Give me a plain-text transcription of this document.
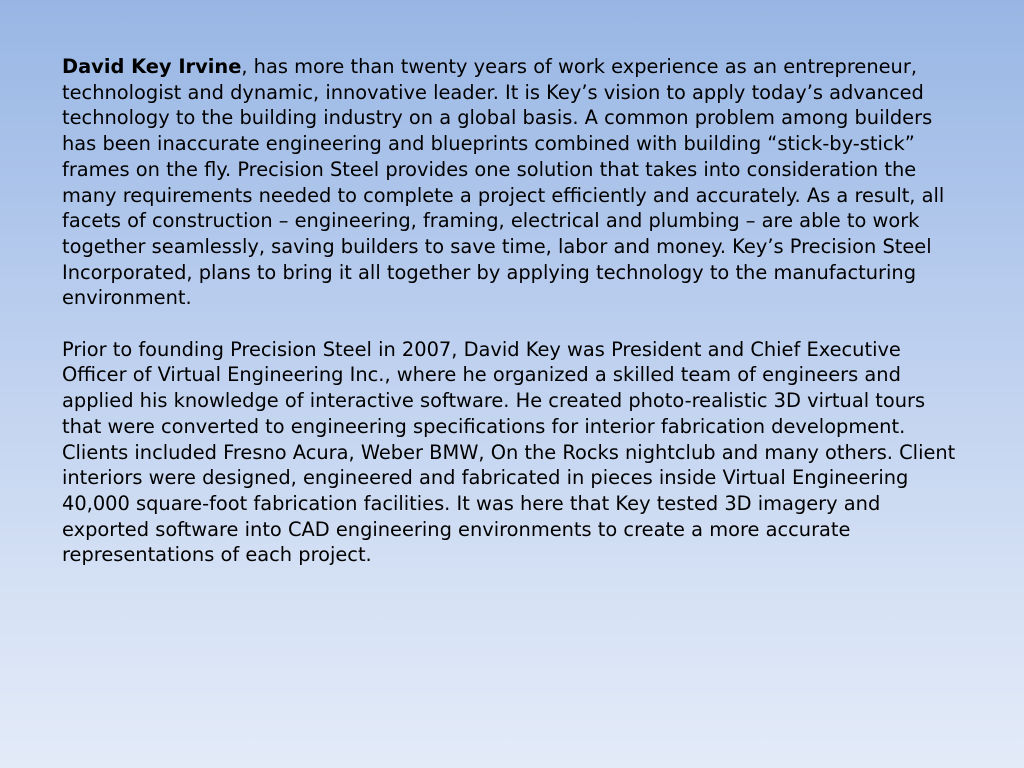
David Key Irvine, has more than twenty years of work experience as an entrepreneur, technologist and dynamic, innovative leader. It is Key’s vision to apply today’s advanced technology to the building industry on a global basis. A common problem among builders has been inaccurate engineering and blueprints combined with building “stick-by-stick” frames on the fly. Precision Steel provides one solution that takes into consideration the many requirements needed to complete a project efficiently and accurately. As a result, all facets of construction – engineering, framing, electrical and plumbing – are able to work together seamlessly, saving builders to save time, labor and money. Key’s Precision Steel Incorporated, plans to bring it all together by applying technology to the manufacturing environment.

Prior to founding Precision Steel in 2007, David Key was President and Chief Executive Officer of Virtual Engineering Inc., where he organized a skilled team of engineers and applied his knowledge of interactive software. He created photo-realistic 3D virtual tours that were converted to engineering specifications for interior fabrication development. Clients included Fresno Acura, Weber BMW, On the Rocks nightclub and many others. Client interiors were designed, engineered and fabricated in pieces inside Virtual Engineering 40,000 square-foot fabrication facilities. It was here that Key tested 3D imagery and exported software into CAD engineering environments to create a more accurate representations of each project.
